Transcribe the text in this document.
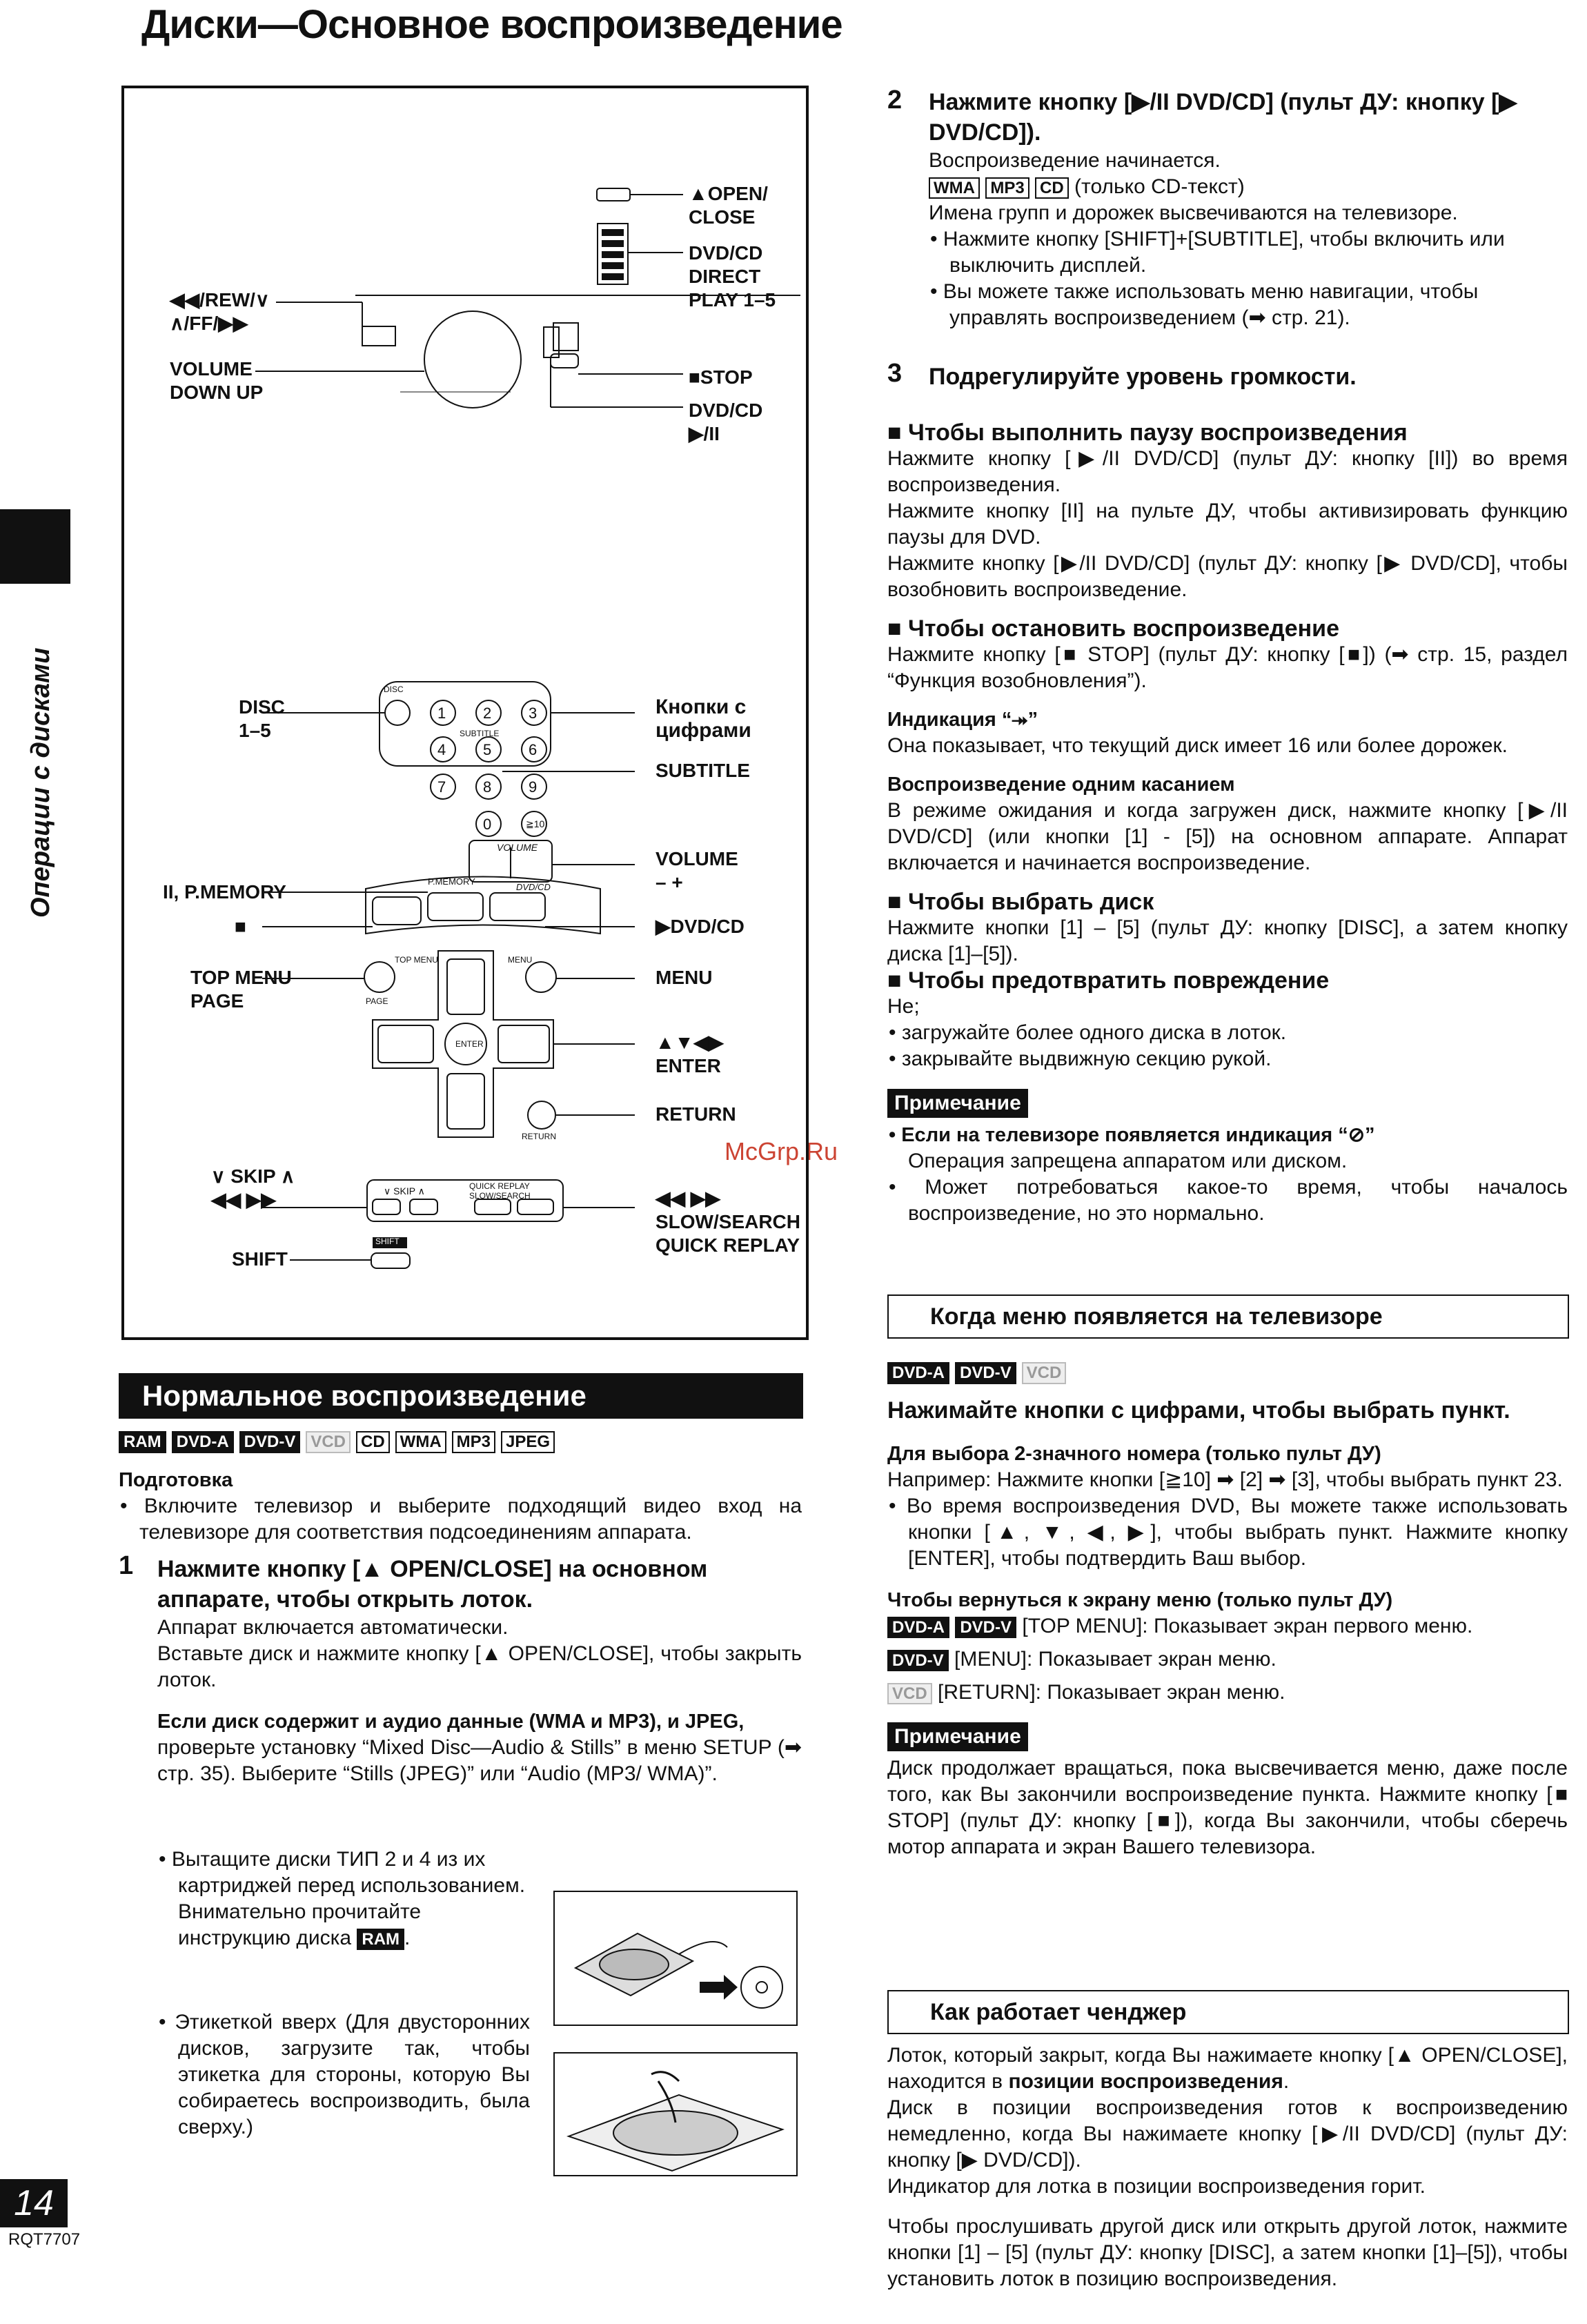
Диски—Основное воспроизведение
Операции с дисками
14
RQT7707
McGrp.Ru
▲OPEN/
CLOSE
DVD/CD
DIRECT
PLAY 1–5
◀◀/REW/∨
∧/FF/▶▶
VOLUME
DOWN UP
■STOP
DVD/CD
▶/II
DISC
1–5
Кнопки с
цифрами
SUBTITLE
VOLUME
– +
II, P.MEMORY
■	▶DVD/CD
TOP MENU
PAGE
MENU
▲▼◀▶
ENTER
RETURN
∨ SKIP ∧
◀◀ ▶▶	◀◀ ▶▶
SLOW/SEARCH
QUICK REPLAY
SHIFT
DISC
SUBTITLE
VOLUME
P.MEMORY
DVD/CD
TOP MENU	MENU
PAGE
ENTER
RETURN
∨ SKIP ∧	QUICK REPLAY
SLOW/SEARCH
SHIFT
1 2 3
4 5 6
7 8 9
0	≧10
Нормальное воспроизведение
RAM DVD-A DVD-V VCD CD WMA MP3 JPEG

Подготовка

• Включите телевизор и выберите подходящий видео вход на телевизоре для соответствия подсоединениям аппарата.

1 Нажмите кнопку [▲ OPEN/CLOSE] на основном аппарате, чтобы открыть лоток.

Аппарат включается автоматически.

Вставьте диск и нажмите кнопку [▲ OPEN/CLOSE], чтобы закрыть лоток.

Если диск содержит и аудио данные (WMA и MP3), и JPEG,

проверьте установку “Mixed Disc—Audio & Stills” в меню SETUP (➡ стр. 35). Выберите “Stills (JPEG)” или “Audio (MP3/ WMA)”.

• Вытащите диски ТИП 2 и 4 из их картриджей перед использованием. Внимательно прочитайте инструкцию диска RAM .

• Этикеткой вверх (Для двусторонних дисков, загрузите так, чтобы этикетка для стороны, которую Вы собираетесь воспроизводить, была сверху.)

2 Нажмите кнопку [▶/II DVD/CD] (пульт ДУ: кнопку [▶ DVD/CD]).

Воспроизведение начинается.

WMA MP3 CD (только CD-текст)

Имена групп и дорожек высвечиваются на телевизоре.

• Нажмите кнопку [SHIFT]+[SUBTITLE], чтобы включить или выключить дисплей.

• Вы можете также использовать меню навигации, чтобы управлять воспроизведением (➡ стр. 21).

3 Подрегулируйте уровень громкости.

■ Чтобы выполнить паузу воспроизведения

Нажмите кнопку [▶/II DVD/CD] (пульт ДУ: кнопку [II]) во время воспроизведения.

Нажмите кнопку [II] на пульте ДУ, чтобы активизировать функцию паузы для DVD.

Нажмите кнопку [▶/II DVD/CD] (пульт ДУ: кнопку [▶ DVD/CD], чтобы возобновить воспроизведение.

■ Чтобы остановить воспроизведение

Нажмите кнопку [■ STOP] (пульт ДУ: кнопку [■]) (➡ стр. 15, раздел “Функция возобновления”).

Индикация “⯮”

Она показывает, что текущий диск имеет 16 или более дорожек.

Воспроизведение одним касанием

В режиме ожидания и когда загружен диск, нажмите кнопку [▶/II DVD/CD] (или кнопки [1] - [5]) на основном аппарате. Аппарат включается и начинается воспроизведение.

■ Чтобы выбрать диск

Нажмите кнопки [1] – [5] (пульт ДУ: кнопку [DISC], а затем кнопку диска [1]–[5]).

■ Чтобы предотвратить повреждение

Не;

• загружайте более одного диска в лоток.

• закрывайте выдвижную секцию рукой.

Примечание

• Если на телевизоре появляется индикация “⊘”

Операция запрещена аппаратом или диском.

• Может потребоваться какое-то время, чтобы началось воспроизведение, но это нормально.

Когда меню появляется на телевизоре
DVD-A DVD-V VCD

Нажимайте кнопки с цифрами, чтобы выбрать пункт.

Для выбора 2-значного номера (только пульт ДУ)

Например: Нажмите кнопки [≧10] ➡ [2] ➡ [3], чтобы выбрать пункт 23.

• Во время воспроизведения DVD, Вы можете также использовать кнопки [▲, ▼, ◀, ▶], чтобы выбрать пункт. Нажмите кнопку [ENTER], чтобы подтвердить Ваш выбор.

Чтобы вернуться к экрану меню (только пульт ДУ)

DVD-A DVD-V [TOP MENU]: Показывает экран первого меню.

DVD-V [MENU]: Показывает экран меню.

VCD [RETURN]: Показывает экран меню.

Примечание

Диск продолжает вращаться, пока высвечивается меню, даже после того, как Вы закончили воспроизведение пункта. Нажмите кнопку [■ STOP] (пульт ДУ: кнопку [■]), когда Вы закончили, чтобы сберечь мотор аппарата и экран Вашего телевизора.

Как работает ченджер

Лоток, который закрыт, когда Вы нажимаете кнопку [▲ OPEN/CLOSE], находится в позиции воспроизведения.

Диск в позиции воспроизведения готов к воспроизведению немедленно, когда Вы нажимаете кнопку [▶/II DVD/CD] (пульт ДУ: кнопку [▶ DVD/CD]).

Индикатор для лотка в позиции воспроизведения горит.

Чтобы прослушивать другой диск или открыть другой лоток, нажмите кнопки [1] – [5] (пульт ДУ: кнопку [DISC], а затем кнопки [1]–[5]), чтобы установить лоток в позицию воспроизведения.
